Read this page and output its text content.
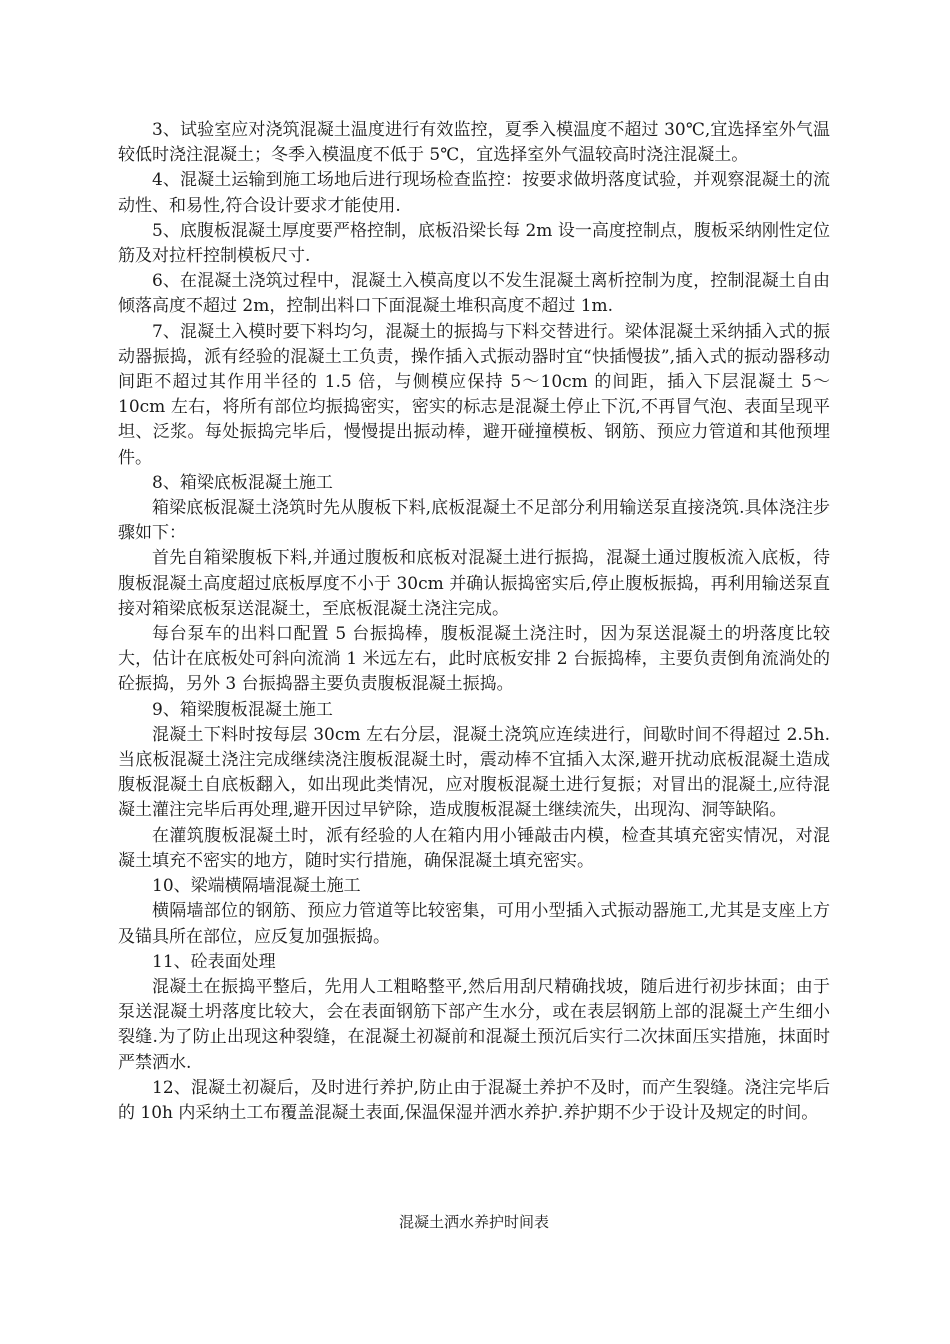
3、试验室应对浇筑混凝土温度进行有效监控，夏季入模温度不超过 30℃,宜选择室外气温较低时浇注混凝土；冬季入模温度不低于 5℃，宜选择室外气温较高时浇注混凝土。

4、混凝土运输到施工场地后进行现场检查监控：按要求做坍落度试验，并观察混凝土的流动性、和易性,符合设计要求才能使用.

5、底腹板混凝土厚度要严格控制，底板沿梁长每 2m 设一高度控制点，腹板采纳刚性定位筋及对拉杆控制模板尺寸.

6、在混凝土浇筑过程中，混凝土入模高度以不发生混凝土离析控制为度，控制混凝土自由倾落高度不超过 2m，控制出料口下面混凝土堆积高度不超过 1m.

7、混凝土入模时要下料均匀，混凝土的振捣与下料交替进行。梁体混凝土采纳插入式的振动器振捣，派有经验的混凝土工负责，操作插入式振动器时宜“快插慢拔”,插入式的振动器移动间距不超过其作用半径的 1.5 倍，与侧模应保持 5～10cm 的间距，插入下层混凝土 5～10cm 左右，将所有部位均振捣密实，密实的标志是混凝土停止下沉,不再冒气泡、表面呈现平坦、泛浆。每处振捣完毕后，慢慢提出振动棒，避开碰撞模板、钢筋、预应力管道和其他预埋件。

8、箱梁底板混凝土施工

箱梁底板混凝土浇筑时先从腹板下料,底板混凝土不足部分利用输送泵直接浇筑.具体浇注步骤如下：

首先自箱梁腹板下料,并通过腹板和底板对混凝土进行振捣，混凝土通过腹板流入底板，待腹板混凝土高度超过底板厚度不小于 30cm 并确认振捣密实后,停止腹板振捣，再利用输送泵直接对箱梁底板泵送混凝土，至底板混凝土浇注完成。

每台泵车的出料口配置 5 台振捣棒，腹板混凝土浇注时，因为泵送混凝土的坍落度比较大，估计在底板处可斜向流淌 1 米远左右，此时底板安排 2 台振捣棒，主要负责倒角流淌处的砼振捣，另外 3 台振捣器主要负责腹板混凝土振捣。

9、箱梁腹板混凝土施工

混凝土下料时按每层 30cm 左右分层，混凝土浇筑应连续进行，间歇时间不得超过 2.5h.当底板混凝土浇注完成继续浇注腹板混凝土时，震动棒不宜插入太深,避开扰动底板混凝土造成腹板混凝土自底板翻入，如出现此类情况，应对腹板混凝土进行复振；对冒出的混凝土,应待混凝土灌注完毕后再处理,避开因过早铲除，造成腹板混凝土继续流失，出现沟、洞等缺陷。

在灌筑腹板混凝土时，派有经验的人在箱内用小锤敲击内模，检查其填充密实情况，对混凝土填充不密实的地方，随时实行措施，确保混凝土填充密实。

10、梁端横隔墙混凝土施工

横隔墙部位的钢筋、预应力管道等比较密集，可用小型插入式振动器施工,尤其是支座上方及锚具所在部位，应反复加强振捣。

11、砼表面处理

混凝土在振捣平整后，先用人工粗略整平,然后用刮尺精确找坡，随后进行初步抹面；由于泵送混凝土坍落度比较大，会在表面钢筋下部产生水分，或在表层钢筋上部的混凝土产生细小裂缝.为了防止出现这种裂缝，在混凝土初凝前和混凝土预沉后实行二次抹面压实措施，抹面时严禁洒水.

12、混凝土初凝后，及时进行养护,防止由于混凝土养护不及时，而产生裂缝。浇注完毕后的 10h 内采纳土工布覆盖混凝土表面,保温保湿并洒水养护.养护期不少于设计及规定的时间。

混凝土洒水养护时间表
